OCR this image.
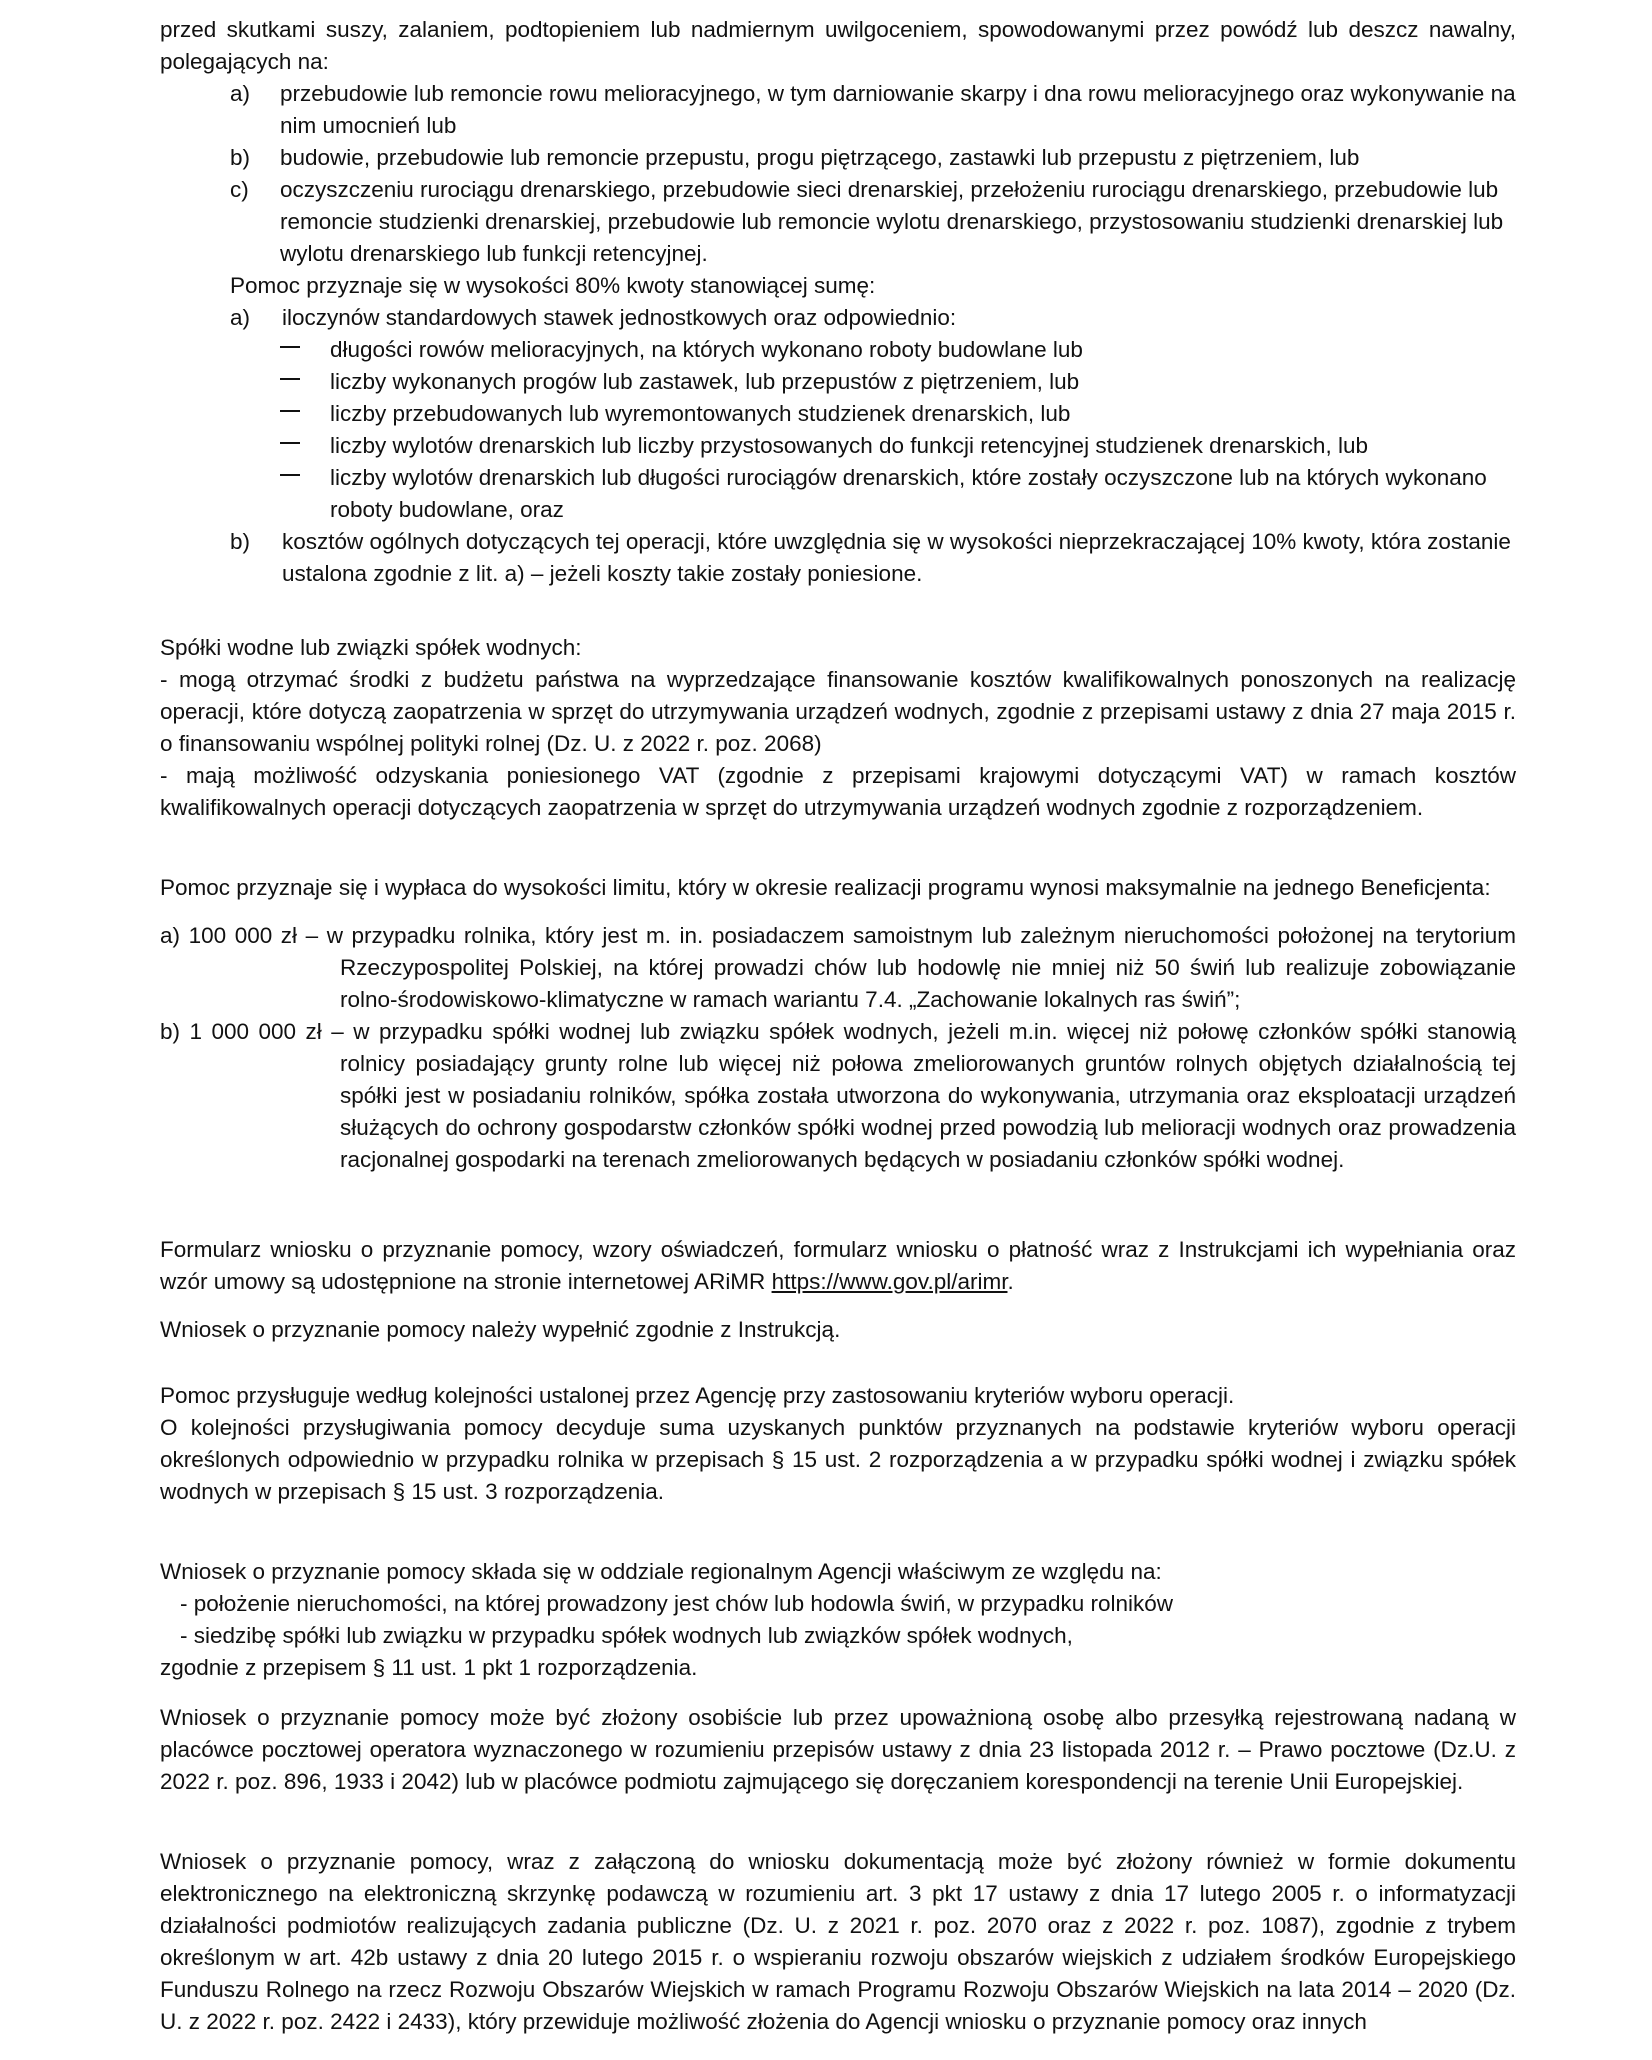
przed skutkami suszy, zalaniem, podtopieniem lub nadmiernym uwilgoceniem, spowodowanymi przez powódź lub deszcz nawalny, polegających na:

a)	przebudowie lub remoncie rowu melioracyjnego, w tym darniowanie skarpy i dna rowu melioracyjnego oraz wykonywanie na nim umocnień lub
b)	budowie, przebudowie lub remoncie przepustu, progu piętrzącego, zastawki lub przepustu z piętrzeniem, lub
c)	oczyszczeniu rurociągu drenarskiego, przebudowie sieci drenarskiej, przełożeniu rurociągu drenarskiego, przebudowie lub remoncie studzienki drenarskiej, przebudowie lub remoncie wylotu drenarskiego, przystosowaniu studzienki drenarskiej lub wylotu drenarskiego lub funkcji retencyjnej.

Pomoc przyznaje się w wysokości 80% kwoty stanowiącej sumę:

a)	iloczynów standardowych stawek jednostkowych oraz odpowiednio:
długości rowów melioracyjnych, na których wykonano roboty budowlane lub
liczby wykonanych progów lub zastawek, lub przepustów z piętrzeniem, lub
liczby przebudowanych lub wyremontowanych studzienek drenarskich, lub
liczby wylotów drenarskich lub liczby przystosowanych do funkcji retencyjnej studzienek drenarskich, lub
liczby wylotów drenarskich lub długości rurociągów drenarskich, które zostały oczyszczone lub na których wykonano roboty budowlane, oraz
b)	kosztów ogólnych dotyczących tej operacji, które uwzględnia się w wysokości nieprzekraczającej 10% kwoty, która zostanie ustalona zgodnie z lit. a) – jeżeli koszty takie zostały poniesione.

Spółki wodne lub związki spółek wodnych:

- mogą otrzymać środki z budżetu państwa na wyprzedzające finansowanie kosztów kwalifikowalnych ponoszonych na realizację operacji, które dotyczą zaopatrzenia w sprzęt do utrzymywania urządzeń wodnych, zgodnie z przepisami ustawy z dnia 27 maja 2015 r. o finansowaniu wspólnej polityki rolnej (Dz. U. z 2022 r. poz. 2068)

- mają możliwość odzyskania poniesionego VAT (zgodnie z przepisami krajowymi dotyczącymi VAT) w ramach kosztów kwalifikowalnych operacji dotyczących zaopatrzenia w sprzęt do utrzymywania urządzeń wodnych zgodnie z rozporządzeniem.

Pomoc przyznaje się i wypłaca do wysokości limitu, który w okresie realizacji programu wynosi maksymalnie na jednego Beneficjenta:

a) 100 000 zł – w przypadku rolnika, który jest m. in. posiadaczem samoistnym lub zależnym nieruchomości położonej na terytorium Rzeczypospolitej Polskiej, na której prowadzi chów lub hodowlę nie mniej niż 50 świń lub realizuje zobowiązanie rolno-środowiskowo-klimatyczne w ramach wariantu 7.4. „Zachowanie lokalnych ras świń”;

b) 1 000 000 zł – w przypadku spółki wodnej lub związku spółek wodnych, jeżeli m.in. więcej niż połowę członków spółki stanowią rolnicy posiadający grunty rolne lub więcej niż połowa zmeliorowanych gruntów rolnych objętych działalnością tej spółki jest w posiadaniu rolników, spółka została utworzona do wykonywania, utrzymania oraz eksploatacji urządzeń służących do ochrony gospodarstw członków spółki wodnej przed powodzią lub melioracji wodnych oraz prowadzenia racjonalnej gospodarki na terenach zmeliorowanych będących w posiadaniu członków spółki wodnej.

Formularz wniosku o przyznanie pomocy, wzory oświadczeń, formularz wniosku o płatność wraz z Instrukcjami ich wypełniania oraz wzór umowy są udostępnione na stronie internetowej ARiMR https://www.gov.pl/arimr.

Wniosek o przyznanie pomocy należy wypełnić zgodnie z Instrukcją.

Pomoc przysługuje według kolejności ustalonej przez Agencję przy zastosowaniu kryteriów wyboru operacji.

O kolejności przysługiwania pomocy decyduje suma uzyskanych punktów przyznanych na podstawie kryteriów wyboru operacji określonych odpowiednio w przypadku rolnika w przepisach § 15 ust. 2 rozporządzenia a w przypadku spółki wodnej i związku spółek wodnych w przepisach § 15 ust. 3 rozporządzenia.

Wniosek o przyznanie pomocy składa się w oddziale regionalnym Agencji właściwym ze względu na:

- położenie nieruchomości, na której prowadzony jest chów lub hodowla świń, w przypadku rolników

- siedzibę spółki lub związku w przypadku spółek wodnych lub związków spółek wodnych,

zgodnie z przepisem § 11 ust. 1 pkt 1 rozporządzenia.

Wniosek o przyznanie pomocy może być złożony osobiście lub przez upoważnioną osobę albo przesyłką rejestrowaną nadaną w placówce pocztowej operatora wyznaczonego w rozumieniu przepisów ustawy z dnia 23 listopada 2012 r. – Prawo pocztowe (Dz.U. z 2022 r. poz. 896, 1933 i 2042) lub w placówce podmiotu zajmującego się doręczaniem korespondencji na terenie Unii Europejskiej.

Wniosek o przyznanie pomocy, wraz z załączoną do wniosku dokumentacją może być złożony również w formie dokumentu elektronicznego na elektroniczną skrzynkę podawczą w rozumieniu art. 3 pkt 17 ustawy z dnia 17 lutego 2005 r. o informatyzacji działalności podmiotów realizujących zadania publiczne (Dz. U. z 2021 r. poz. 2070 oraz z 2022 r. poz. 1087), zgodnie z trybem określonym w art. 42b ustawy z dnia 20 lutego 2015 r. o wspieraniu rozwoju obszarów wiejskich z udziałem środków Europejskiego Funduszu Rolnego na rzecz Rozwoju Obszarów Wiejskich w ramach Programu Rozwoju Obszarów Wiejskich na lata 2014 – 2020 (Dz. U. z 2022 r. poz. 2422 i 2433), który przewiduje możliwość złożenia do Agencji wniosku o przyznanie pomocy oraz innych
